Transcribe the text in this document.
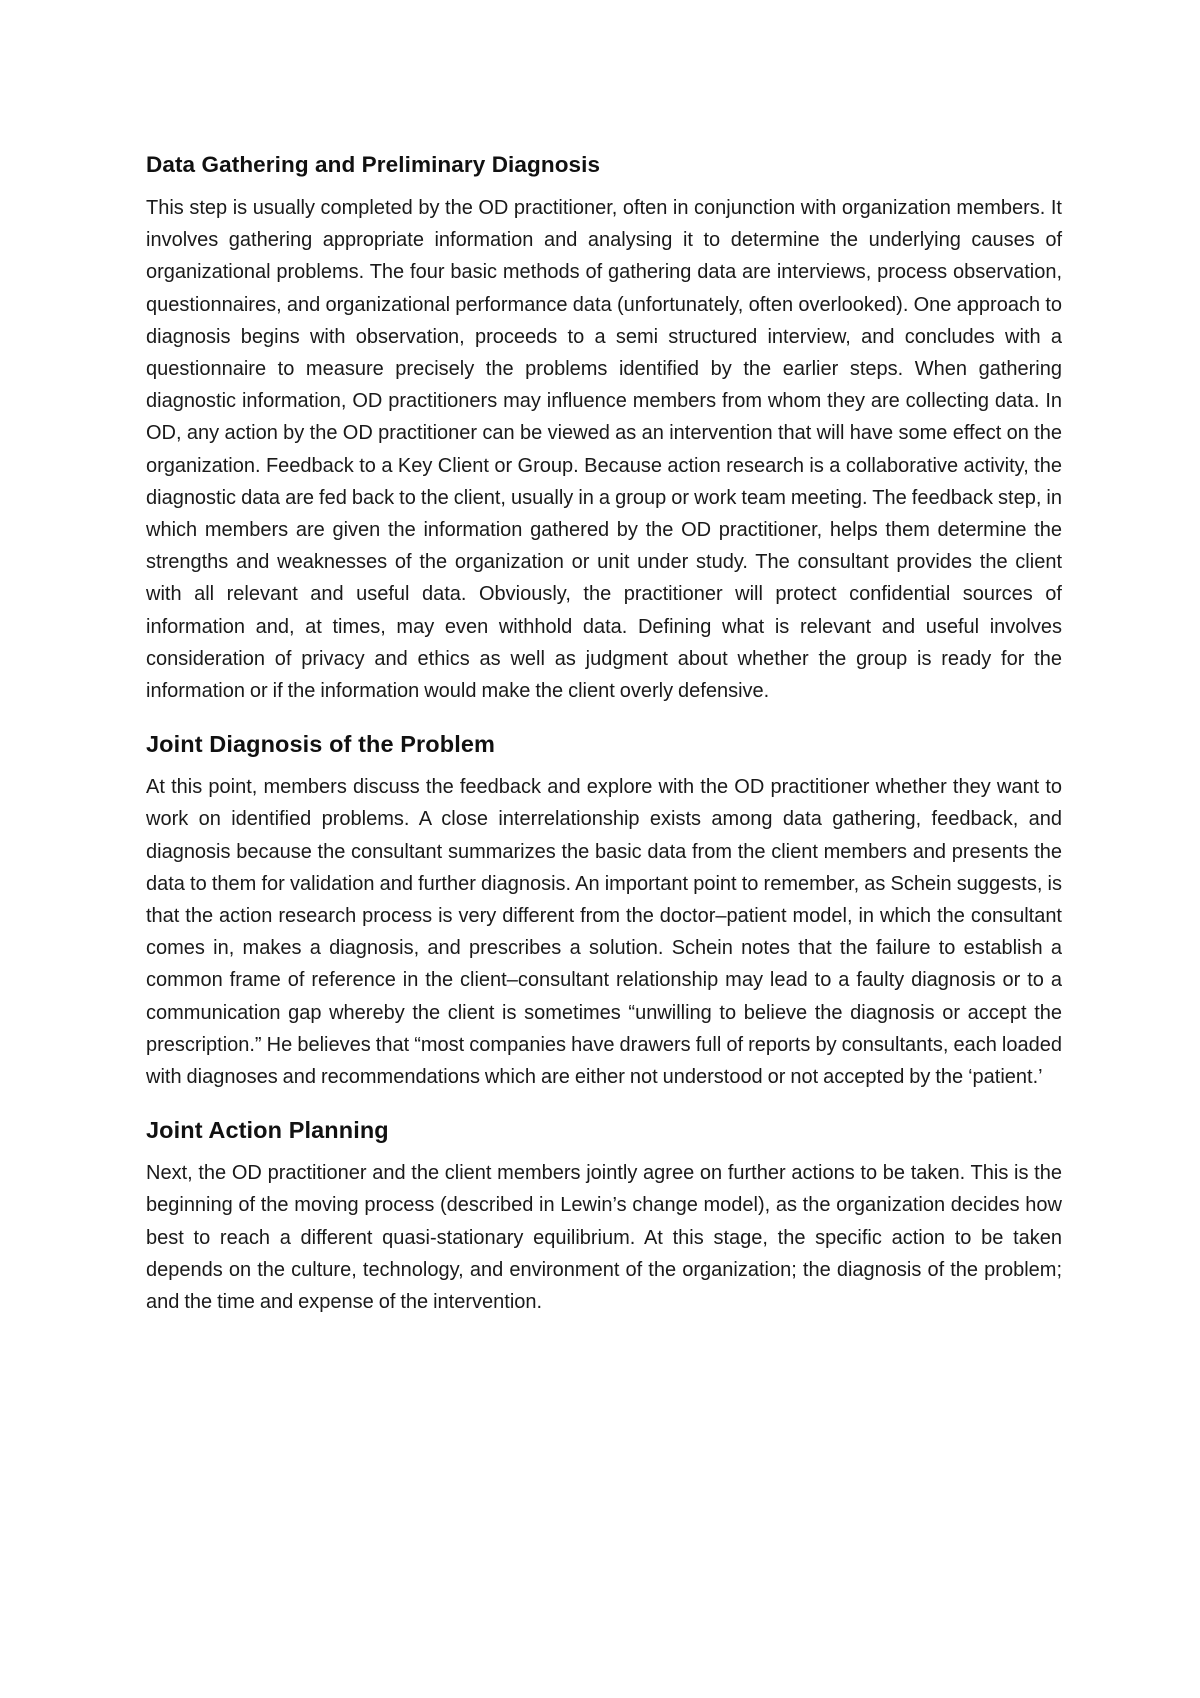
Data Gathering and Preliminary Diagnosis

This step is usually completed by the OD practitioner, often in conjunction with organization members. It involves gathering appropriate information and analysing it to determine the underlying causes of organizational problems. The four basic methods of gathering data are interviews, process observation, questionnaires, and organizational performance data (unfortunately, often overlooked). One approach to diagnosis begins with observation, proceeds to a semi structured interview, and concludes with a questionnaire to measure precisely the problems identified by the earlier steps. When gathering diagnostic information, OD practitioners may influence members from whom they are collecting data. In OD, any action by the OD practitioner can be viewed as an intervention that will have some effect on the organization. Feedback to a Key Client or Group. Because action research is a collaborative activity, the diagnostic data are fed back to the client, usually in a group or work team meeting. The feedback step, in which members are given the information gathered by the OD practitioner, helps them determine the strengths and weaknesses of the organization or unit under study. The consultant provides the client with all relevant and useful data. Obviously, the practitioner will protect confidential sources of information and, at times, may even withhold data. Defining what is relevant and useful involves consideration of privacy and ethics as well as judgment about whether the group is ready for the information or if the information would make the client overly defensive.

Joint Diagnosis of the Problem

At this point, members discuss the feedback and explore with the OD practitioner whether they want to work on identified problems. A close interrelationship exists among data gathering, feedback, and diagnosis because the consultant summarizes the basic data from the client members and presents the data to them for validation and further diagnosis. An important point to remember, as Schein suggests, is that the action research process is very different from the doctor–patient model, in which the consultant comes in, makes a diagnosis, and prescribes a solution. Schein notes that the failure to establish a common frame of reference in the client–consultant relationship may lead to a faulty diagnosis or to a communication gap whereby the client is sometimes “unwilling to believe the diagnosis or accept the prescription.” He believes that “most companies have drawers full of reports by consultants, each loaded with diagnoses and recommendations which are either not understood or not accepted by the ‘patient.’

Joint Action Planning

Next, the OD practitioner and the client members jointly agree on further actions to be taken. This is the beginning of the moving process (described in Lewin’s change model), as the organization decides how best to reach a different quasi-stationary equilibrium. At this stage, the specific action to be taken depends on the culture, technology, and environment of the organization; the diagnosis of the problem; and the time and expense of the intervention.
